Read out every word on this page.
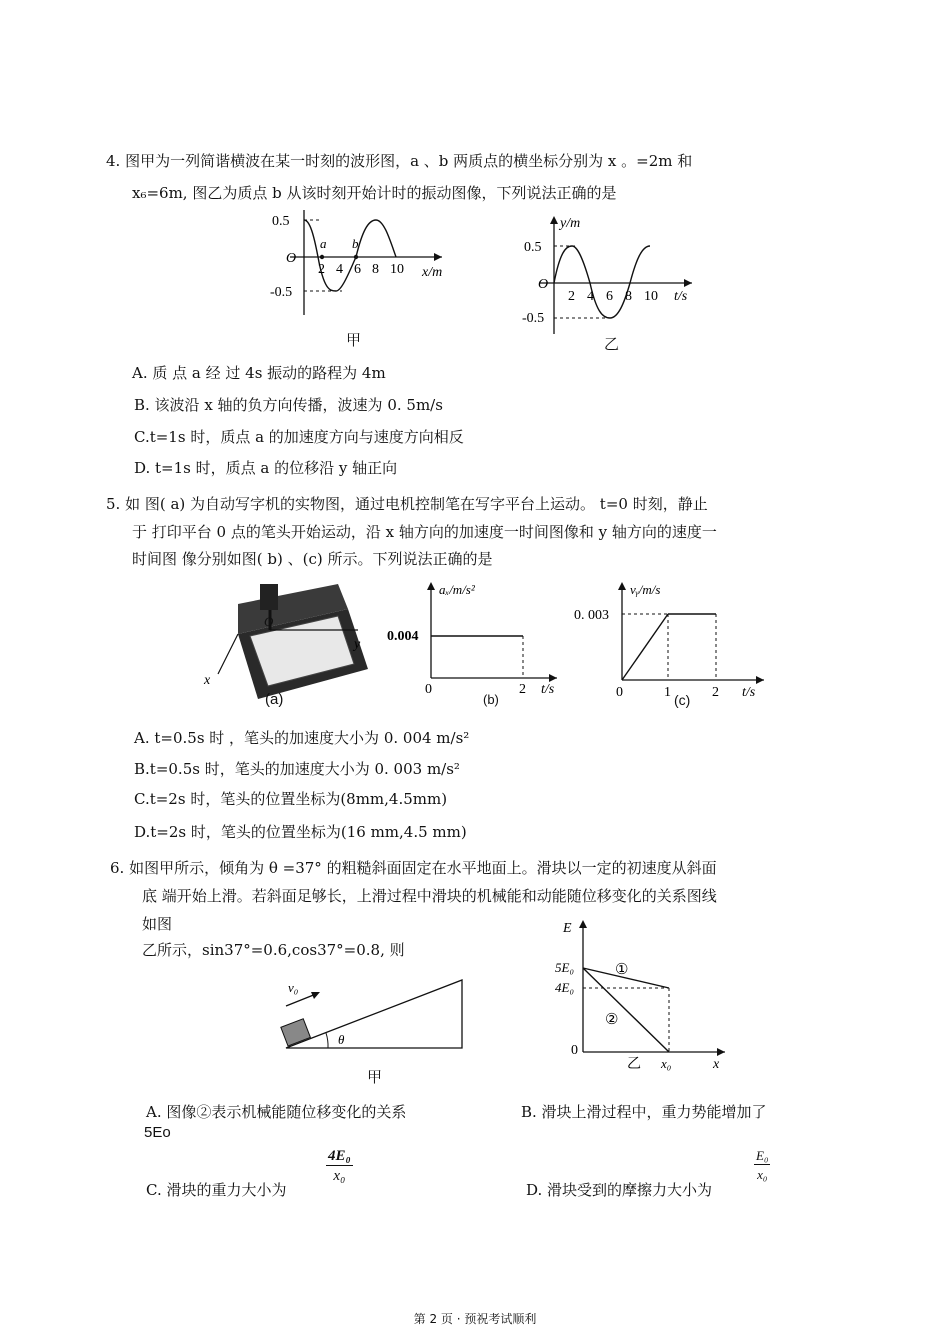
4. 图甲为一列简谐横波在某一时刻的波形图，a 、b 两质点的横坐标分别为 x 。=2m 和
x₆=6m, 图乙为质点 b 从该时刻开始计时的振动图像，下列说法正确的是
0.5
O
-0.5
a b
x/m
2 4 6 8 10
甲
y/m
0.5
O
-0.5
t/s
2 4 6 8 10
乙
A. 质 点 a 经 过 4s 振动的路程为 4m
B. 该波沿 x 轴的负方向传播，波速为 0. 5m/s
C.t=1s 时，质点 a 的加速度方向与速度方向相反
D. t=1s 时，质点 a 的位移沿 y 轴正向
5. 如 图( a) 为自动写字机的实物图，通过电机控制笔在写字平台上运动。 t=0 时刻，静止
于 打印平台 0 点的笔头开始运动，沿 x 轴方向的加速度一时间图像和 y 轴方向的速度一
时间图 像分别如图( b) 、(c) 所示。下列说法正确的是
O
x
y
(a)
aₓ/m/s²
0.004
0	2 t/s
(b)
vᵧ/m/s
0. 003
0	1	2 t/s
(c)
A. t=0.5s 时 ，笔头的加速度大小为 0. 004 m/s²
B.t=0.5s 时，笔头的加速度大小为 0. 003 m/s²
C.t=2s 时，笔头的位置坐标为(8mm,4.5mm)
D.t=2s 时，笔头的位置坐标为(16 mm,4.5 mm)
6. 如图甲所示，倾角为 θ =37° 的粗糙斜面固定在水平地面上。滑块以一定的初速度从斜面
底 端开始上滑。若斜面足够长，上滑过程中滑块的机械能和动能随位移变化的关系图线
如图
乙所示，sin37°=0.6,cos37°=0.8, 则
v₀
θ
甲
E
5E₀
4E₀
0
①
②
乙 x₀	x
A. 图像②表示机械能随位移变化的关系
5Eo
B. 滑块上滑过程中，重力势能增加了
C. 滑块的重力大小为
$\frac{\text{4E₀}}{\text{x₀}}$
D. 滑块受到的摩擦力大小为
$\frac{\text{E₀}}{\text{x₀}}$
第 2 页 · 预祝考试顺利
